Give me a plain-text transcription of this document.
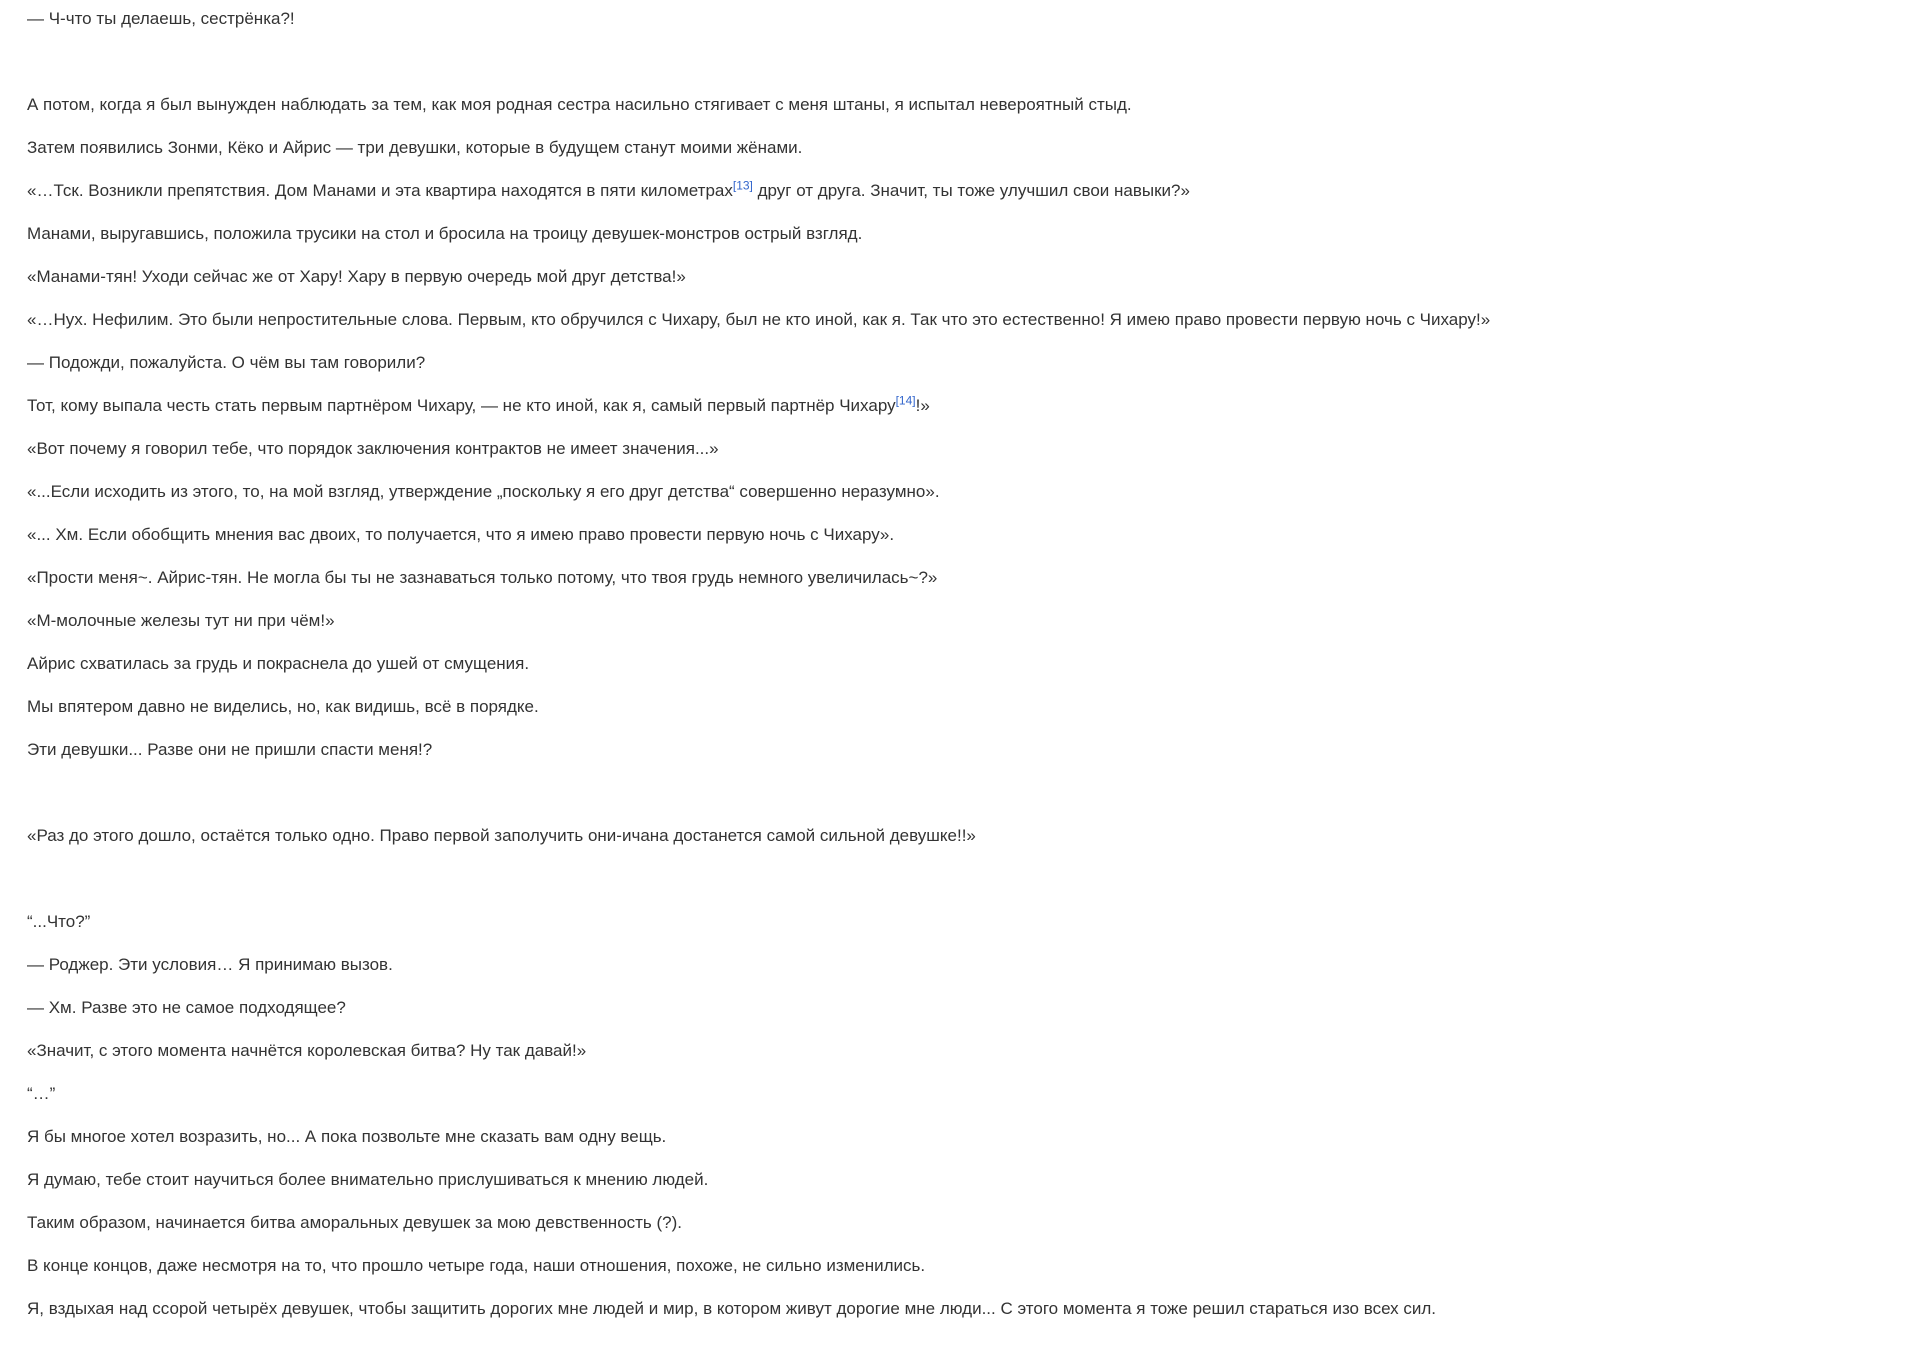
— Ч-что ты делаешь, сестрёнка?!

А потом, когда я был вынужден наблюдать за тем, как моя родная сестра насильно стягивает с меня штаны, я испытал невероятный стыд.

Затем появились Зонми, Кёко и Айрис — три девушки, которые в будущем станут моими жёнами.

«…Тск. Возникли препятствия. Дом Манами и эта квартира находятся в пяти километрах[13] друг от друга. Значит, ты тоже улучшил свои навыки?»

Манами, выругавшись, положила трусики на стол и бросила на троицу девушек-монстров острый взгляд.

«Манами-тян! Уходи сейчас же от Хару! Хару в первую очередь мой друг детства!»

«…Нух. Нефилим. Это были непростительные слова. Первым, кто обручился с Чихару, был не кто иной, как я. Так что это естественно! Я имею право провести первую ночь с Чихару!»

— Подожди, пожалуйста. О чём вы там говорили?

Тот, кому выпала честь стать первым партнёром Чихару, — не кто иной, как я, самый первый партнёр Чихару[14]!»

«Вот почему я говорил тебе, что порядок заключения контрактов не имеет значения...»

«...Если исходить из этого, то, на мой взгляд, утверждение „поскольку я его друг детства“ совершенно неразумно».

«... Хм. Если обобщить мнения вас двоих, то получается, что я имею право провести первую ночь с Чихару».

«Прости меня~. Айрис-тян. Не могла бы ты не зазнаваться только потому, что твоя грудь немного увеличилась~?»

«М-молочные железы тут ни при чём!»

Айрис схватилась за грудь и покраснела до ушей от смущения.

Мы впятером давно не виделись, но, как видишь, всё в порядке.

Эти девушки... Разве они не пришли спасти меня!?

«Раз до этого дошло, остаётся только одно. Право первой заполучить они-ичана достанется самой сильной девушке!!»

“...Что?”

— Роджер. Эти условия… Я принимаю вызов.

— Хм. Разве это не самое подходящее?

«Значит, с этого момента начнётся королевская битва? Ну так давай!»

“…”

Я бы многое хотел возразить, но... А пока позвольте мне сказать вам одну вещь.

Я думаю, тебе стоит научиться более внимательно прислушиваться к мнению людей.

Таким образом, начинается битва аморальных девушек за мою девственность (?).

В конце концов, даже несмотря на то, что прошло четыре года, наши отношения, похоже, не сильно изменились.

Я, вздыхая над ссорой четырёх девушек, чтобы защитить дорогих мне людей и мир, в котором живут дорогие мне люди... С этого момента я тоже решил стараться изо всех сил.
